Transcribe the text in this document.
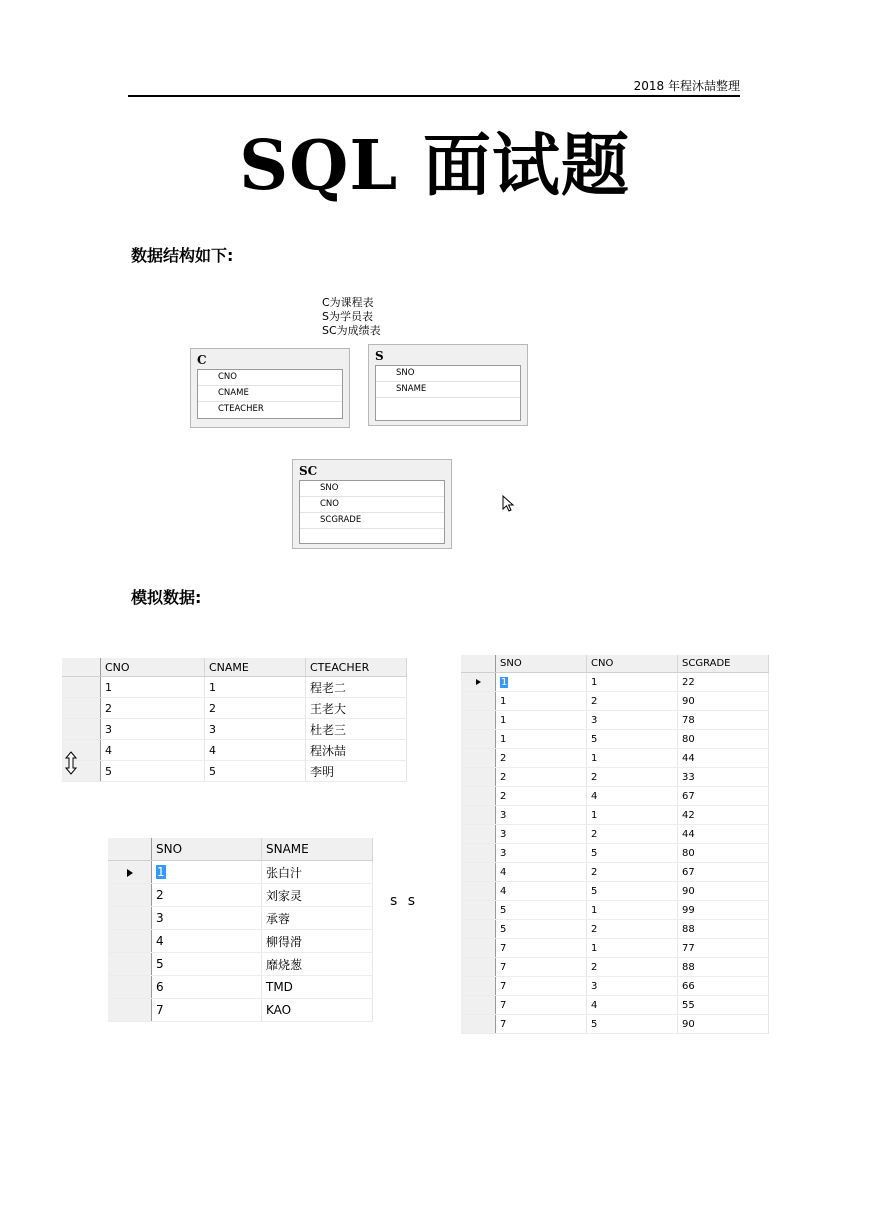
2018 年程沐喆整理
SQL 面试题
数据结构如下:
C为课程表
S为学员表
SC为成绩表
C
CNO
CNAME
CTEACHER
S
SNO
SNAME
SC
SNO
CNO
SCGRADE
模拟数据:
	CNO	CNAME	CTEACHER
	1	1	程老二
	2	2	王老大
	3	3	杜老三
	4	4	程沐喆
	5	5	李明
	SNO	SNAME
	1	张白汁
	2	刘家灵
	3	承蓉
	4	柳得滑
	5	靡烧葱
	6	TMD
	7	KAO
s s
	SNO	CNO	SCGRADE
	1	1	22
	1	2	90
	1	3	78
	1	5	80
	2	1	44
	2	2	33
	2	4	67
	3	1	42
	3	2	44
	3	5	80
	4	2	67
	4	5	90
	5	1	99
	5	2	88
	7	1	77
	7	2	88
	7	3	66
	7	4	55
	7	5	90
